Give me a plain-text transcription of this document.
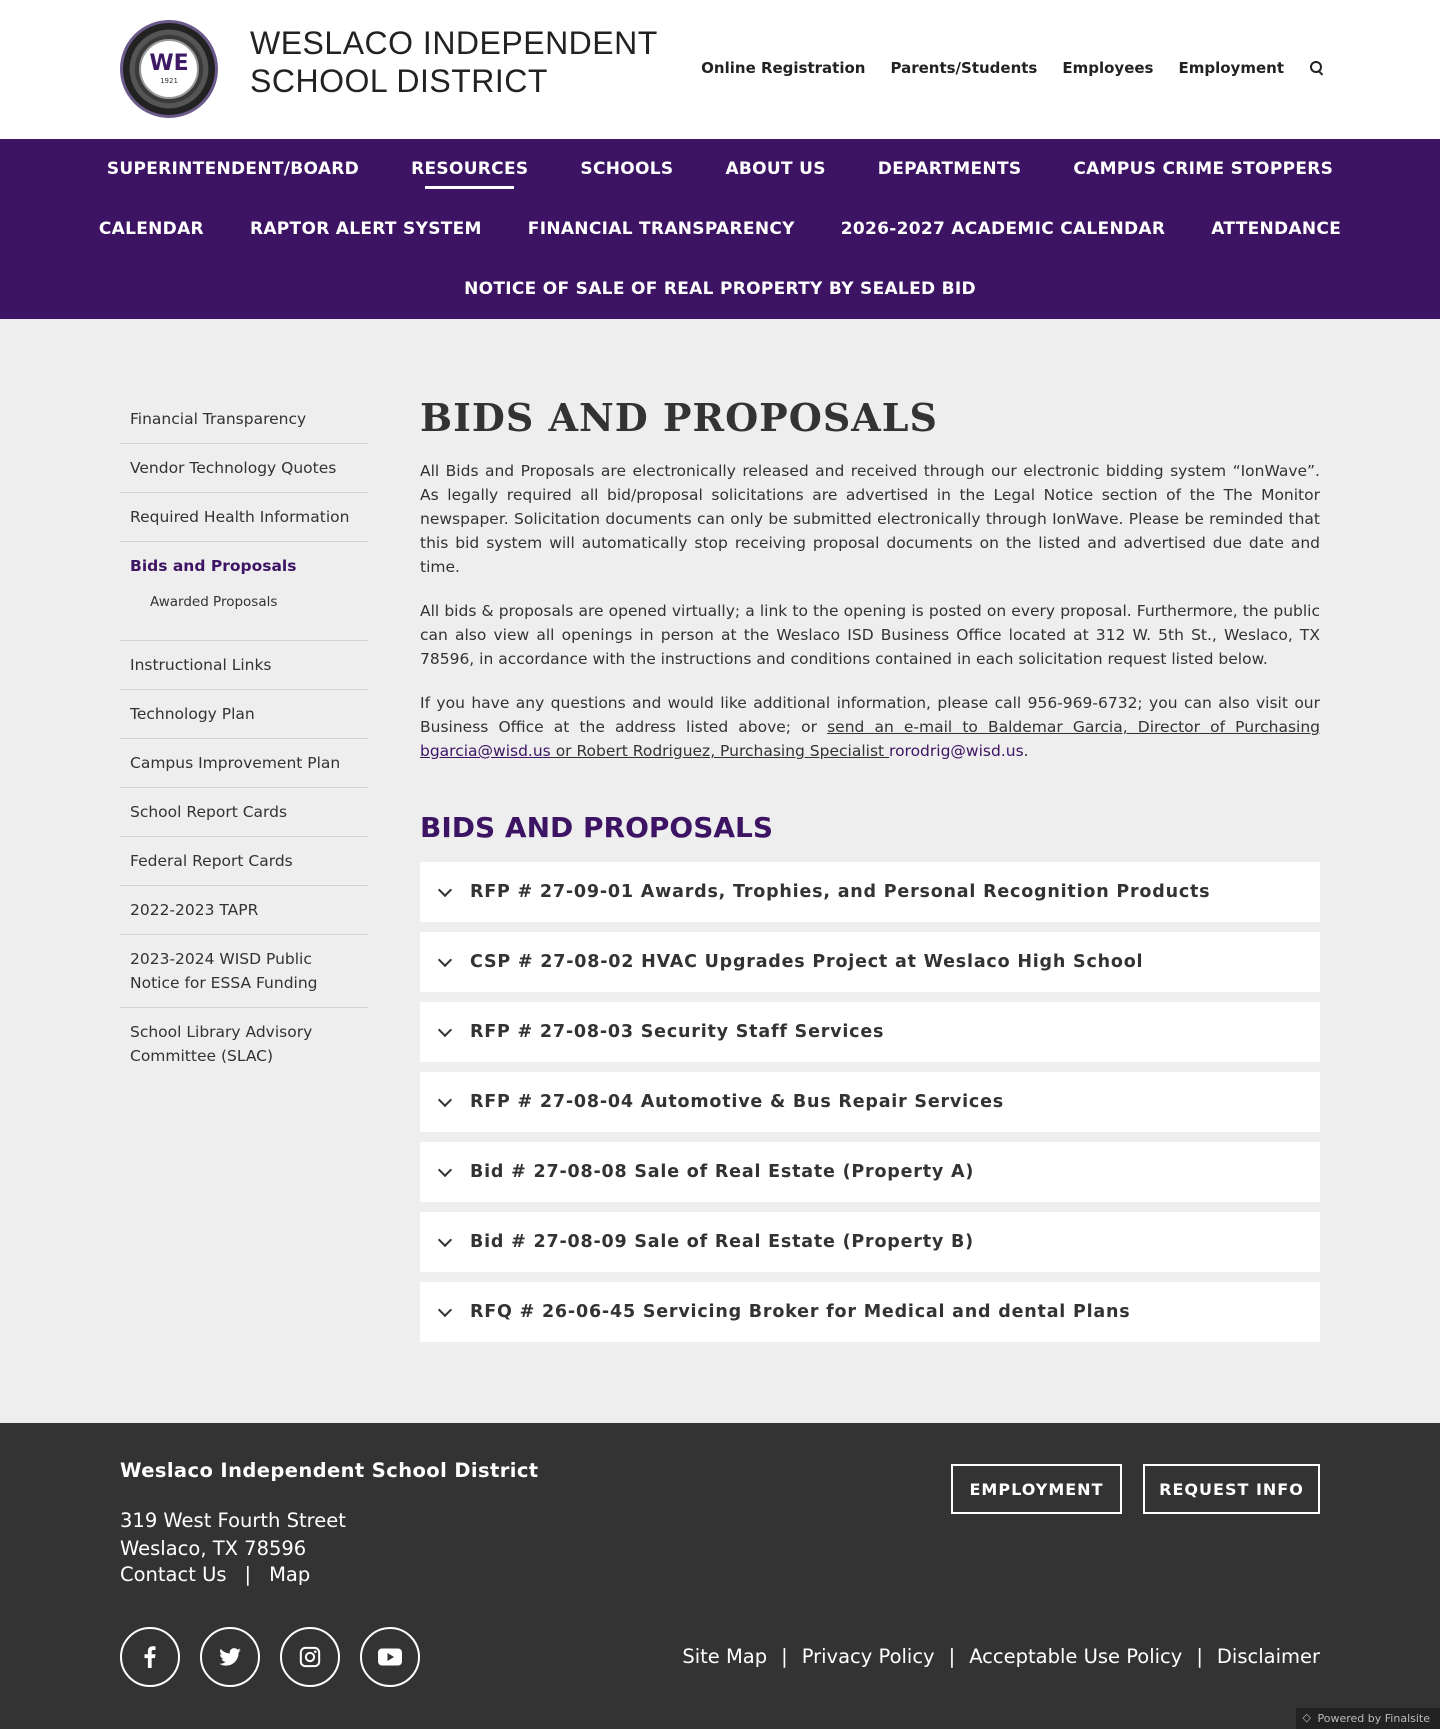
WE
1921
WESLACO INDEPENDENT
SCHOOL DISTRICT	Online Registration Parents/Students Employees Employment
SUPERINTENDENT/BOARD	RESOURCES	SCHOOLS	ABOUT US	DEPARTMENTS	CAMPUS CRIME STOPPERS
CALENDAR	RAPTOR ALERT SYSTEM	FINANCIAL TRANSPARENCY	2026-2027 ACADEMIC CALENDAR	ATTENDANCE
NOTICE OF SALE OF REAL PROPERTY BY SEALED BID
Financial Transparency
Vendor Technology Quotes
Required Health Information
Bids and Proposals
Awarded Proposals
Instructional Links
Technology Plan
Campus Improvement Plan
School Report Cards
Federal Report Cards
2022-2023 TAPR
2023-2024 WISD Public Notice for ESSA Funding
School Library Advisory Committee (SLAC)
BIDS AND PROPOSALS

All Bids and Proposals are electronically released and received through our electronic bidding system “IonWave”. As legally required all bid/proposal solicitations are advertised in the Legal Notice section of the The Monitor newspaper. Solicitation documents can only be submitted electronically through IonWave. Please be reminded that this bid system will automatically stop receiving proposal documents on the listed and advertised due date and time.

All bids & proposals are opened virtually; a link to the opening is posted on every proposal. Furthermore, the public can also view all openings in person at the Weslaco ISD Business Office located at 312 W. 5th St., Weslaco, TX 78596, in accordance with the instructions and conditions contained in each solicitation request listed below.

If you have any questions and would like additional information, please call 956-969-6732; you can also visit our Business Office at the address listed above; or send an e-mail to Baldemar Garcia, Director of Purchasing bgarcia@wisd.us or Robert Rodriguez, Purchasing Specialist rorodrig@wisd.us.

BIDS AND PROPOSALS
RFP # 27-09-01 Awards, Trophies, and Personal Recognition Products
CSP # 27-08-02 HVAC Upgrades Project at Weslaco High School
RFP # 27-08-03 Security Staff Services
RFP # 27-08-04 Automotive & Bus Repair Services
Bid # 27-08-08 Sale of Real Estate (Property A)
Bid # 27-08-09 Sale of Real Estate (Property B)
RFQ # 26-06-45 Servicing Broker for Medical and dental Plans
Weslaco Independent School District
319 West Fourth Street
Weslaco, TX 78596
Contact Us | Map
EMPLOYMENT	REQUEST INFO
Site Map | Privacy Policy | Acceptable Use Policy | Disclaimer
◇ Powered by Finalsite
